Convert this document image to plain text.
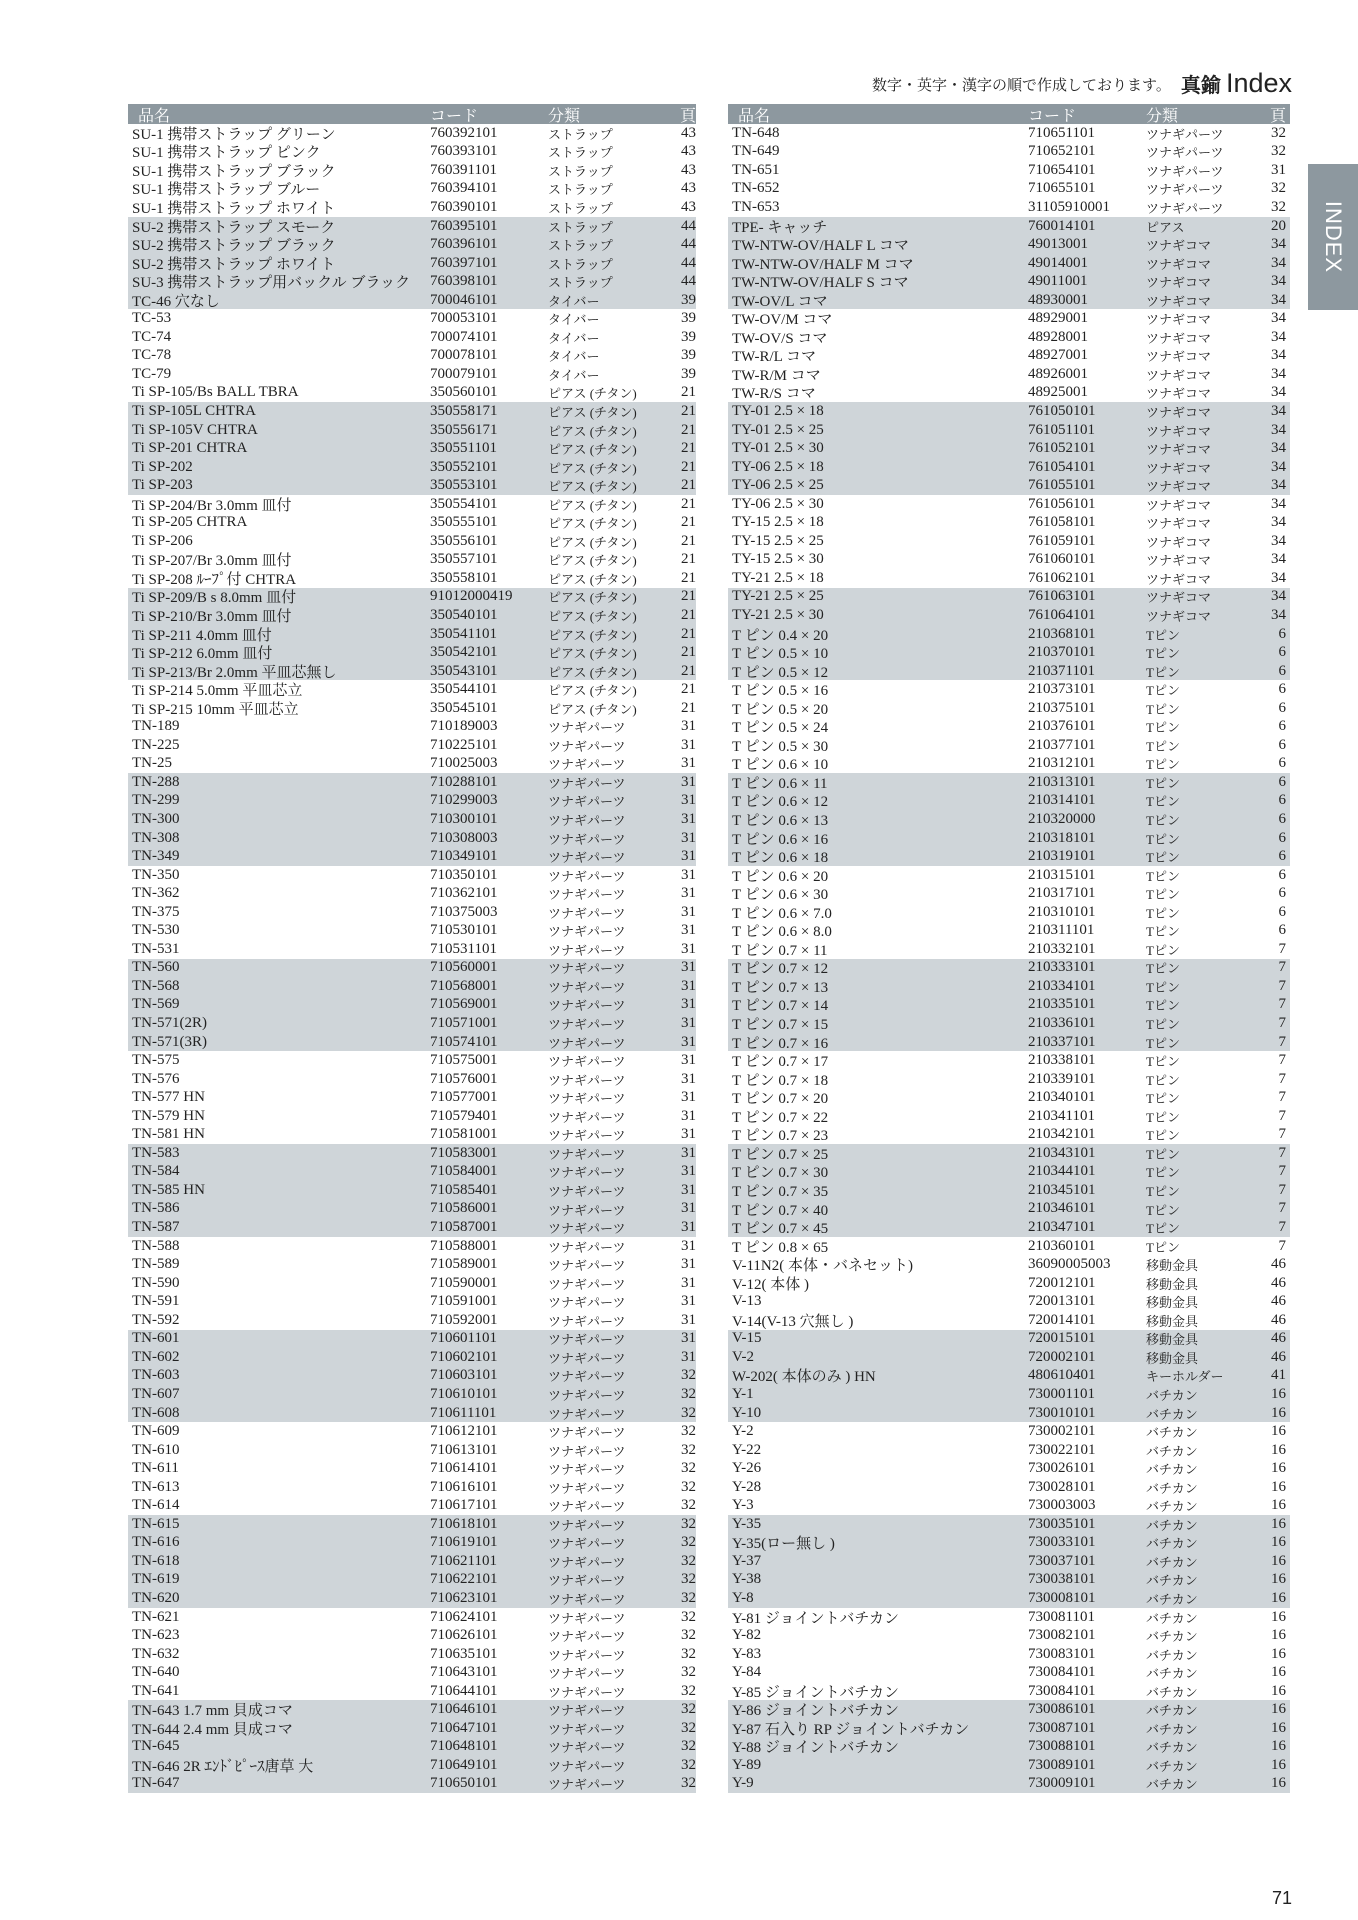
数字・英字・漢字の順で作成しております。 真鍮 Index
INDEX
品名	コード	分類	頁
SU-1 携帯ストラップ グリーン	760392101	ストラップ	43
SU-1 携帯ストラップ ピンク	760393101	ストラップ	43
SU-1 携帯ストラップ ブラック	760391101	ストラップ	43
SU-1 携帯ストラップ ブルー	760394101	ストラップ	43
SU-1 携帯ストラップ ホワイト	760390101	ストラップ	43
SU-2 携帯ストラップ スモーク	760395101	ストラップ	44
SU-2 携帯ストラップ ブラック	760396101	ストラップ	44
SU-2 携帯ストラップ ホワイト	760397101	ストラップ	44
SU-3 携帯ストラップ用バックル ブラック	760398101	ストラップ	44
TC-46 穴なし	700046101	タイバー	39
TC-53	700053101	タイバー	39
TC-74	700074101	タイバー	39
TC-78	700078101	タイバー	39
TC-79	700079101	タイバー	39
Ti SP-105/Bs BALL TBRA	350560101	ピアス (チタン)	21
Ti SP-105L CHTRA	350558171	ピアス (チタン)	21
Ti SP-105V CHTRA	350556171	ピアス (チタン)	21
Ti SP-201 CHTRA	350551101	ピアス (チタン)	21
Ti SP-202	350552101	ピアス (チタン)	21
Ti SP-203	350553101	ピアス (チタン)	21
Ti SP-204/Br 3.0mm 皿付	350554101	ピアス (チタン)	21
Ti SP-205 CHTRA	350555101	ピアス (チタン)	21
Ti SP-206	350556101	ピアス (チタン)	21
Ti SP-207/Br 3.0mm 皿付	350557101	ピアス (チタン)	21
Ti SP-208 ﾙｰﾌﾟ付 CHTRA	350558101	ピアス (チタン)	21
Ti SP-209/B s 8.0mm 皿付	91012000419	ピアス (チタン)	21
Ti SP-210/Br 3.0mm 皿付	350540101	ピアス (チタン)	21
Ti SP-211 4.0mm 皿付	350541101	ピアス (チタン)	21
Ti SP-212 6.0mm 皿付	350542101	ピアス (チタン)	21
Ti SP-213/Br 2.0mm 平皿芯無し	350543101	ピアス (チタン)	21
Ti SP-214 5.0mm 平皿芯立	350544101	ピアス (チタン)	21
Ti SP-215 10mm 平皿芯立	350545101	ピアス (チタン)	21
TN-189	710189003	ツナギパーツ	31
TN-225	710225101	ツナギパーツ	31
TN-25	710025003	ツナギパーツ	31
TN-288	710288101	ツナギパーツ	31
TN-299	710299003	ツナギパーツ	31
TN-300	710300101	ツナギパーツ	31
TN-308	710308003	ツナギパーツ	31
TN-349	710349101	ツナギパーツ	31
TN-350	710350101	ツナギパーツ	31
TN-362	710362101	ツナギパーツ	31
TN-375	710375003	ツナギパーツ	31
TN-530	710530101	ツナギパーツ	31
TN-531	710531101	ツナギパーツ	31
TN-560	710560001	ツナギパーツ	31
TN-568	710568001	ツナギパーツ	31
TN-569	710569001	ツナギパーツ	31
TN-571(2R)	710571001	ツナギパーツ	31
TN-571(3R)	710574101	ツナギパーツ	31
TN-575	710575001	ツナギパーツ	31
TN-576	710576001	ツナギパーツ	31
TN-577 HN	710577001	ツナギパーツ	31
TN-579 HN	710579401	ツナギパーツ	31
TN-581 HN	710581001	ツナギパーツ	31
TN-583	710583001	ツナギパーツ	31
TN-584	710584001	ツナギパーツ	31
TN-585 HN	710585401	ツナギパーツ	31
TN-586	710586001	ツナギパーツ	31
TN-587	710587001	ツナギパーツ	31
TN-588	710588001	ツナギパーツ	31
TN-589	710589001	ツナギパーツ	31
TN-590	710590001	ツナギパーツ	31
TN-591	710591001	ツナギパーツ	31
TN-592	710592001	ツナギパーツ	31
TN-601	710601101	ツナギパーツ	31
TN-602	710602101	ツナギパーツ	31
TN-603	710603101	ツナギパーツ	32
TN-607	710610101	ツナギパーツ	32
TN-608	710611101	ツナギパーツ	32
TN-609	710612101	ツナギパーツ	32
TN-610	710613101	ツナギパーツ	32
TN-611	710614101	ツナギパーツ	32
TN-613	710616101	ツナギパーツ	32
TN-614	710617101	ツナギパーツ	32
TN-615	710618101	ツナギパーツ	32
TN-616	710619101	ツナギパーツ	32
TN-618	710621101	ツナギパーツ	32
TN-619	710622101	ツナギパーツ	32
TN-620	710623101	ツナギパーツ	32
TN-621	710624101	ツナギパーツ	32
TN-623	710626101	ツナギパーツ	32
TN-632	710635101	ツナギパーツ	32
TN-640	710643101	ツナギパーツ	32
TN-641	710644101	ツナギパーツ	32
TN-643 1.7 mm 貝成コマ	710646101	ツナギパーツ	32
TN-644 2.4 mm 貝成コマ	710647101	ツナギパーツ	32
TN-645	710648101	ツナギパーツ	32
TN-646 2R ｴﾝﾄﾞﾋﾟｰｽ唐草 大	710649101	ツナギパーツ	32
TN-647	710650101	ツナギパーツ	32
品名	コード	分類	頁
TN-648	710651101	ツナギパーツ	32
TN-649	710652101	ツナギパーツ	32
TN-651	710654101	ツナギパーツ	31
TN-652	710655101	ツナギパーツ	32
TN-653	31105910001	ツナギパーツ	32
TPE- キャッチ	760014101	ピアス	20
TW-NTW-OV/HALF L コマ	49013001	ツナギコマ	34
TW-NTW-OV/HALF M コマ	49014001	ツナギコマ	34
TW-NTW-OV/HALF S コマ	49011001	ツナギコマ	34
TW-OV/L コマ	48930001	ツナギコマ	34
TW-OV/M コマ	48929001	ツナギコマ	34
TW-OV/S コマ	48928001	ツナギコマ	34
TW-R/L コマ	48927001	ツナギコマ	34
TW-R/M コマ	48926001	ツナギコマ	34
TW-R/S コマ	48925001	ツナギコマ	34
TY-01 2.5 × 18	761050101	ツナギコマ	34
TY-01 2.5 × 25	761051101	ツナギコマ	34
TY-01 2.5 × 30	761052101	ツナギコマ	34
TY-06 2.5 × 18	761054101	ツナギコマ	34
TY-06 2.5 × 25	761055101	ツナギコマ	34
TY-06 2.5 × 30	761056101	ツナギコマ	34
TY-15 2.5 × 18	761058101	ツナギコマ	34
TY-15 2.5 × 25	761059101	ツナギコマ	34
TY-15 2.5 × 30	761060101	ツナギコマ	34
TY-21 2.5 × 18	761062101	ツナギコマ	34
TY-21 2.5 × 25	761063101	ツナギコマ	34
TY-21 2.5 × 30	761064101	ツナギコマ	34
T ピン 0.4 × 20	210368101	Tピン	6
T ピン 0.5 × 10	210370101	Tピン	6
T ピン 0.5 × 12	210371101	Tピン	6
T ピン 0.5 × 16	210373101	Tピン	6
T ピン 0.5 × 20	210375101	Tピン	6
T ピン 0.5 × 24	210376101	Tピン	6
T ピン 0.5 × 30	210377101	Tピン	6
T ピン 0.6 × 10	210312101	Tピン	6
T ピン 0.6 × 11	210313101	Tピン	6
T ピン 0.6 × 12	210314101	Tピン	6
T ピン 0.6 × 13	210320000	Tピン	6
T ピン 0.6 × 16	210318101	Tピン	6
T ピン 0.6 × 18	210319101	Tピン	6
T ピン 0.6 × 20	210315101	Tピン	6
T ピン 0.6 × 30	210317101	Tピン	6
T ピン 0.6 × 7.0	210310101	Tピン	6
T ピン 0.6 × 8.0	210311101	Tピン	6
T ピン 0.7 × 11	210332101	Tピン	7
T ピン 0.7 × 12	210333101	Tピン	7
T ピン 0.7 × 13	210334101	Tピン	7
T ピン 0.7 × 14	210335101	Tピン	7
T ピン 0.7 × 15	210336101	Tピン	7
T ピン 0.7 × 16	210337101	Tピン	7
T ピン 0.7 × 17	210338101	Tピン	7
T ピン 0.7 × 18	210339101	Tピン	7
T ピン 0.7 × 20	210340101	Tピン	7
T ピン 0.7 × 22	210341101	Tピン	7
T ピン 0.7 × 23	210342101	Tピン	7
T ピン 0.7 × 25	210343101	Tピン	7
T ピン 0.7 × 30	210344101	Tピン	7
T ピン 0.7 × 35	210345101	Tピン	7
T ピン 0.7 × 40	210346101	Tピン	7
T ピン 0.7 × 45	210347101	Tピン	7
T ピン 0.8 × 65	210360101	Tピン	7
V-11N2( 本体・バネセット)	36090005003	移動金具	46
V-12( 本体 )	720012101	移動金具	46
V-13	720013101	移動金具	46
V-14(V-13 穴無し )	720014101	移動金具	46
V-15	720015101	移動金具	46
V-2	720002101	移動金具	46
W-202( 本体のみ ) HN	480610401	キーホルダー	41
Y-1	730001101	バチカン	16
Y-10	730010101	バチカン	16
Y-2	730002101	バチカン	16
Y-22	730022101	バチカン	16
Y-26	730026101	バチカン	16
Y-28	730028101	バチカン	16
Y-3	730003003	バチカン	16
Y-35	730035101	バチカン	16
Y-35(ロー無し )	730033101	バチカン	16
Y-37	730037101	バチカン	16
Y-38	730038101	バチカン	16
Y-8	730008101	バチカン	16
Y-81 ジョイントバチカン	730081101	バチカン	16
Y-82	730082101	バチカン	16
Y-83	730083101	バチカン	16
Y-84	730084101	バチカン	16
Y-85 ジョイントバチカン	730084101	バチカン	16
Y-86 ジョイントバチカン	730086101	バチカン	16
Y-87 石入り RP ジョイントバチカン	730087101	バチカン	16
Y-88 ジョイントバチカン	730088101	バチカン	16
Y-89	730089101	バチカン	16
Y-9	730009101	バチカン	16
71
